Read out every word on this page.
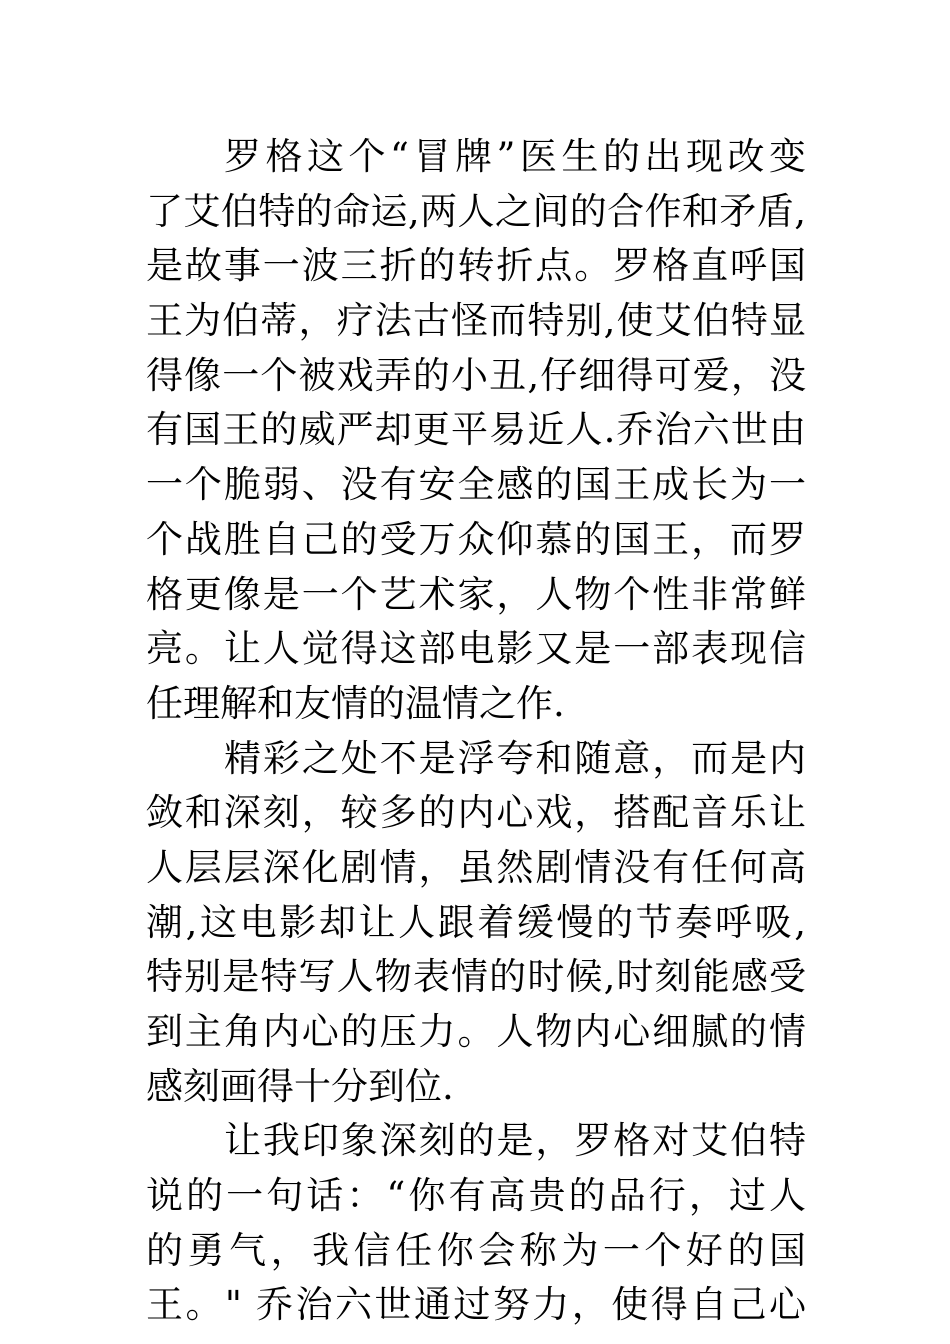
罗格这个“冒牌”医生的出现改变
了艾伯特的命运,两人之间的合作和矛盾,
是故事一波三折的转折点。罗格直呼国
王为伯蒂，疗法古怪而特别,使艾伯特显
得像一个被戏弄的小丑,仔细得可爱，没
有国王的威严却更平易近人.乔治六世由
一个脆弱、没有安全感的国王成长为一
个战胜自己的受万众仰慕的国王，而罗
格更像是一个艺术家，人物个性非常鲜
亮。让人觉得这部电影又是一部表现信
任理解和友情的温情之作.
精彩之处不是浮夸和随意，而是内
敛和深刻，较多的内心戏，搭配音乐让
人层层深化剧情，虽然剧情没有任何高
潮,这电影却让人跟着缓慢的节奏呼吸,
特别是特写人物表情的时候,时刻能感受
到主角内心的压力。人物内心细腻的情
感刻画得十分到位.
让我印象深刻的是，罗格对艾伯特
说的一句话：“你有高贵的品行，过人
的勇气，我信任你会称为一个好的国
王。" 乔治六世通过努力，使得自己心
